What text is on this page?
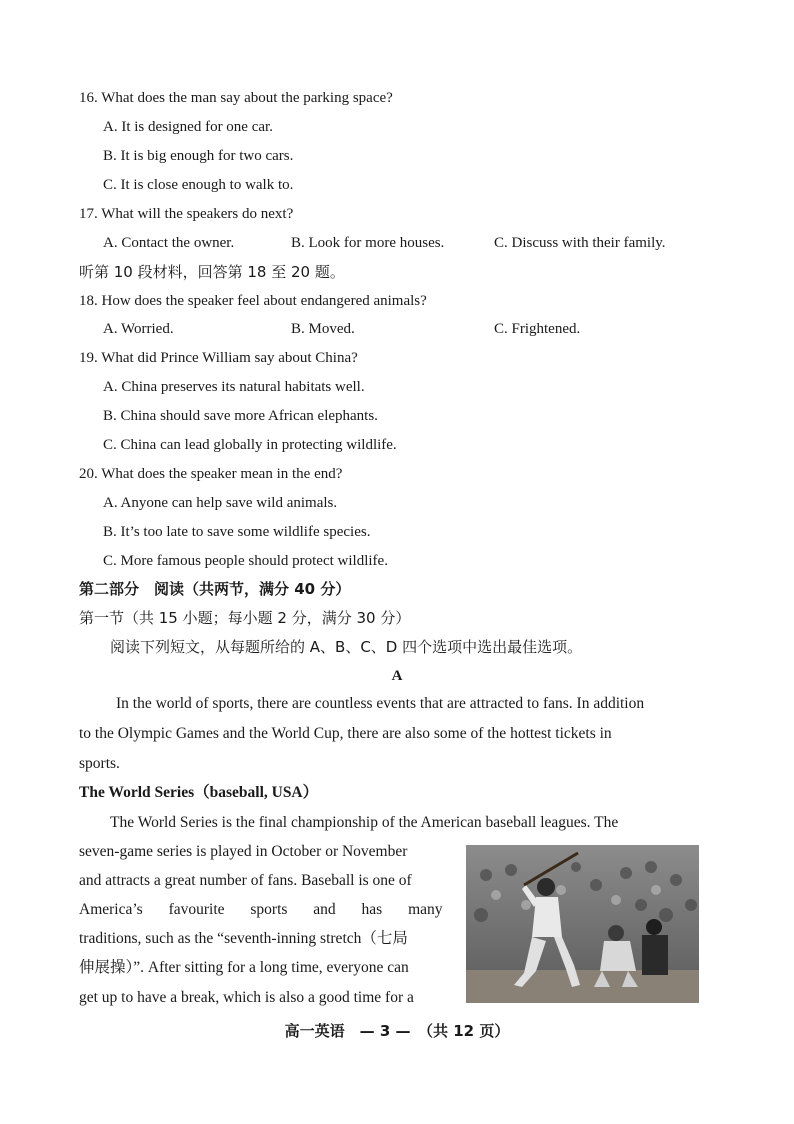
16. What does the man say about the parking space?
A. It is designed for one car.
B. It is big enough for two cars.
C. It is close enough to walk to.
17. What will the speakers do next?
A. Contact the owner.	B. Look for more houses.	C. Discuss with their family.
听第 10 段材料，回答第 18 至 20 题。
18. How does the speaker feel about endangered animals?
A. Worried.	B. Moved.	C. Frightened.
19. What did Prince William say about China?
A. China preserves its natural habitats well.
B. China should save more African elephants.
C. China can lead globally in protecting wildlife.
20. What does the speaker mean in the end?
A. Anyone can help save wild animals.
B. It’s too late to save some wildlife species.
C. More famous people should protect wildlife.
第二部分　阅读（共两节，满分 40 分）
第一节（共 15 小题；每小题 2 分，满分 30 分）
阅读下列短文，从每题所给的 A、B、C、D 四个选项中选出最佳选项。
A
In the world of sports, there are countless events that are attracted to fans. In addition
to the Olympic Games and the World Cup, there are also some of the hottest tickets in
sports.
The World Series（baseball, USA）
The World Series is the final championship of the American baseball leagues. The
seven-game series is played in October or November
and attracts a great number of fans. Baseball is one of
America’s favourite sports and has many
traditions, such as the “seventh-inning stretch（七局
伸展操）”. After sitting for a long time, everyone can
get up to have a break, which is also a good time for a
高一英语　— 3 —　（共 12 页）
